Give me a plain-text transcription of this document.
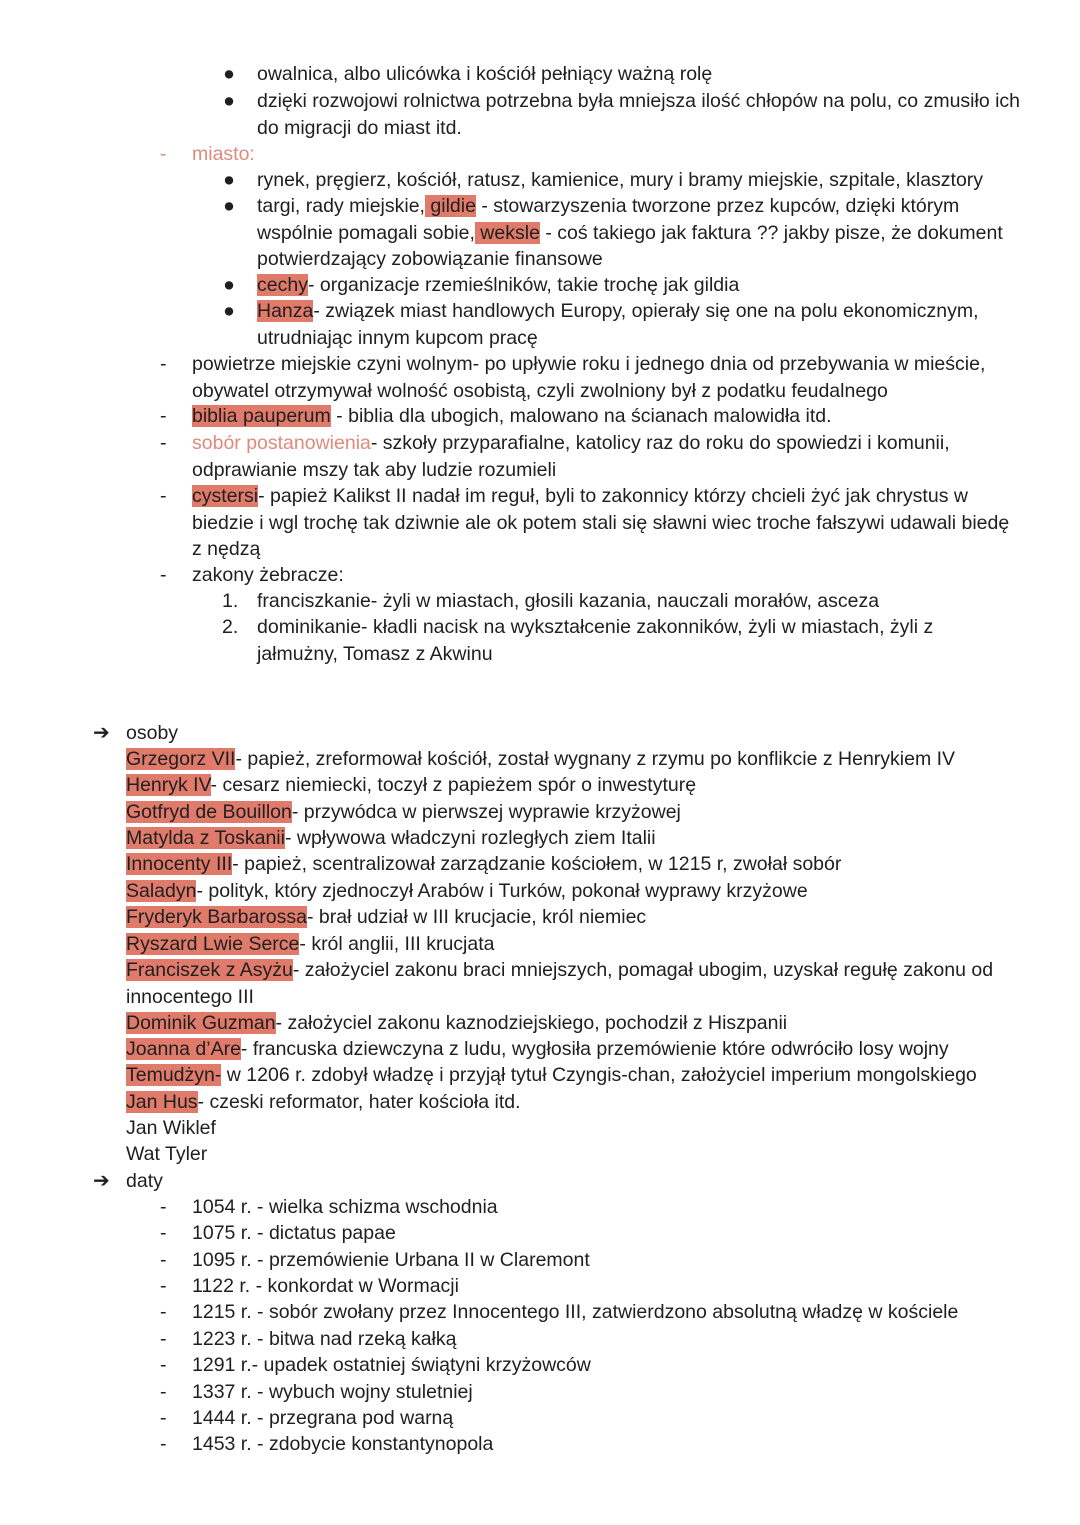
●	owalnica, albo ulicówka i kościół pełniący ważną rolę
●	dzięki rozwojowi rolnictwa potrzebna była mniejsza ilość chłopów na polu, co zmusiło ich do migracji do miast itd.
-	miasto:
●	rynek, pręgierz, kościół, ratusz, kamienice, mury i bramy miejskie, szpitale, klasztory
●	targi, rady miejskie, gildie - stowarzyszenia tworzone przez kupców, dzięki którym wspólnie pomagali sobie, weksle - coś takiego jak faktura ?? jakby pisze, że dokument potwierdzający zobowiązanie finansowe
●	cechy- organizacje rzemieślników, takie trochę jak gildia
●	Hanza- związek miast handlowych Europy, opierały się one na polu ekonomicznym, utrudniając innym kupcom pracę
-	powietrze miejskie czyni wolnym- po upływie roku i jednego dnia od przebywania w mieście, obywatel otrzymywał wolność osobistą, czyli zwolniony był z podatku feudalnego
-	biblia pauperum - biblia dla ubogich, malowano na ścianach malowidła itd.
-	sobór postanowienia- szkoły przyparafialne, katolicy raz do roku do spowiedzi i komunii, odprawianie mszy tak aby ludzie rozumieli
-	cystersi- papież Kalikst II nadał im reguł, byli to zakonnicy którzy chcieli żyć jak chrystus w biedzie i wgl trochę tak dziwnie ale ok potem stali się sławni wiec troche fałszywi udawali biedę z nędzą
-	zakony żebracze:
1. franciszkanie- żyli w miastach, głosili kazania, nauczali morałów, asceza
2. dominikanie- kładli nacisk na wykształcenie zakonników, żyli w miastach, żyli z jałmużny, Tomasz z Akwinu
➔ osoby
Grzegorz VII- papież, zreformował kościół, został wygnany z rzymu po konflikcie z Henrykiem IV
Henryk IV- cesarz niemiecki, toczył z papieżem spór o inwestyturę
Gotfryd de Bouillon- przywódca w pierwszej wyprawie krzyżowej
Matylda z Toskanii- wpływowa władczyni rozległych ziem Italii
Innocenty III- papież, scentralizował zarządzanie kościołem, w 1215 r, zwołał sobór
Saladyn- polityk, który zjednoczył Arabów i Turków, pokonał wyprawy krzyżowe
Fryderyk Barbarossa- brał udział w III krucjacie, król niemiec
Ryszard Lwie Serce- król anglii, III krucjata
Franciszek z Asyżu- założyciel zakonu braci mniejszych, pomagał ubogim, uzyskał regułę zakonu od innocentego III
Dominik Guzman- założyciel zakonu kaznodziejskiego, pochodził z Hiszpanii
Joanna d’Are- francuska dziewczyna z ludu, wygłosiła przemówienie które odwróciło losy wojny
Temudżyn- w 1206 r. zdobył władzę i przyjął tytuł Czyngis-chan, założyciel imperium mongolskiego
Jan Hus- czeski reformator, hater kościoła itd.
Jan Wiklef
Wat Tyler
➔ daty
-	1054 r. - wielka schizma wschodnia
-	1075 r. - dictatus papae
-	1095 r. - przemówienie Urbana II w Claremont
-	1122 r. - konkordat w Wormacji
-	1215 r. - sobór zwołany przez Innocentego III, zatwierdzono absolutną władzę w kościele
-	1223 r. - bitwa nad rzeką kałką
-	1291 r.- upadek ostatniej świątyni krzyżowców
-	1337 r. - wybuch wojny stuletniej
-	1444 r. - przegrana pod warną
-	1453 r. - zdobycie konstantynopola
